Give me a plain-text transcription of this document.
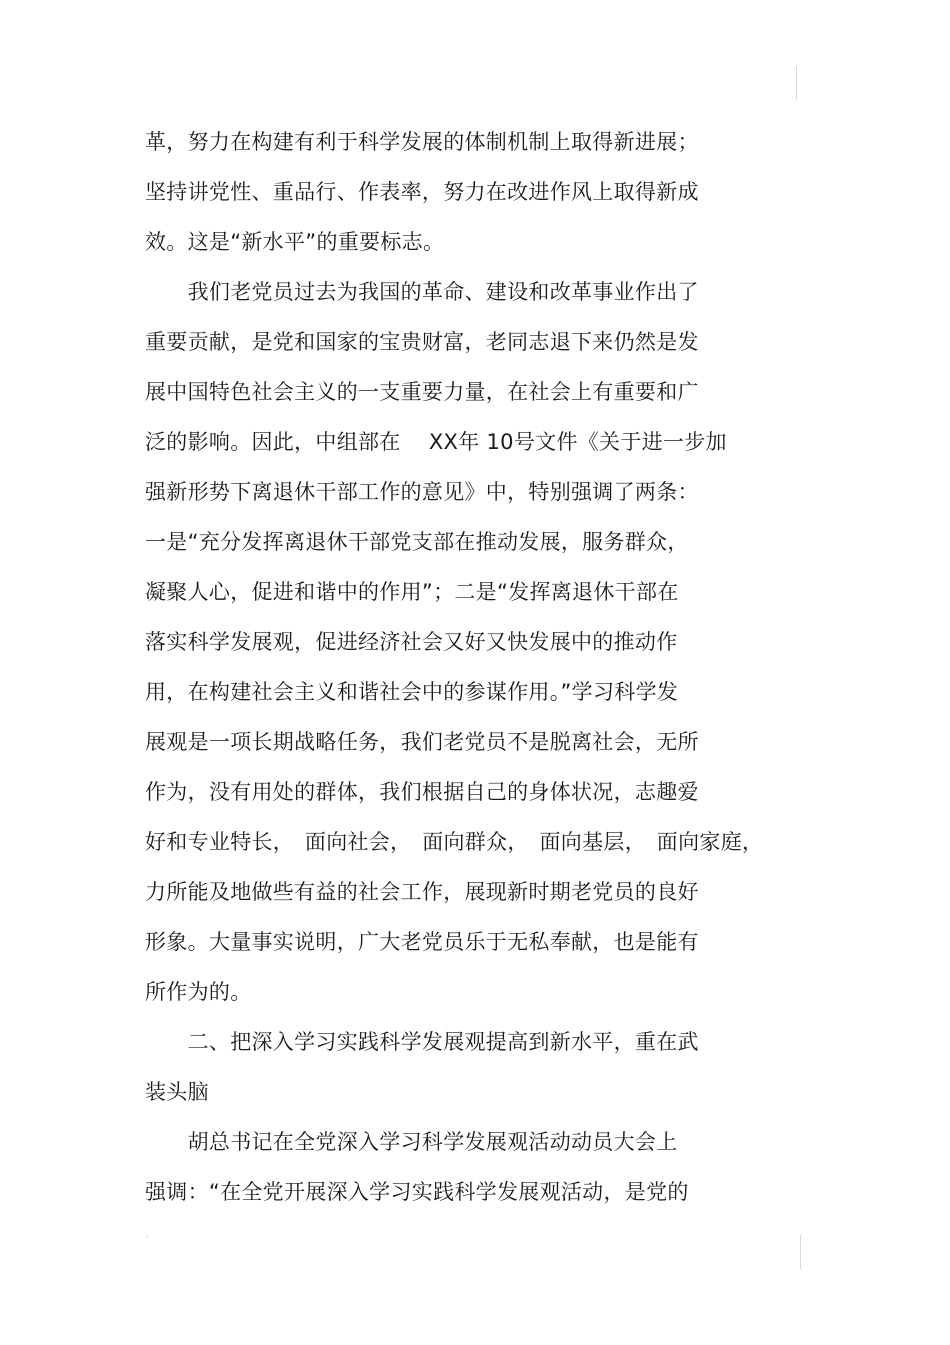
革，努力在构建有利于科学发展的体制机制上取得新进展；
坚持讲党性、重品行、作表率，努力在改进作风上取得新成
效。这是“新水平”的重要标志。
　　我们老党员过去为我国的革命、建设和改革事业作出了
重要贡献，是党和国家的宝贵财富，老同志退下来仍然是发
展中国特色社会主义的一支重要力量，在社会上有重要和广
泛的影响。因此，中组部在　 XX年 10号文件《关于进一步加
强新形势下离退休干部工作的意见》中，特别强调了两条：
一是“充分发挥离退休干部党支部在推动发展，服务群众，
凝聚人心，促进和谐中的作用”；二是“发挥离退休干部在
落实科学发展观，促进经济社会又好又快发展中的推动作
用，在构建社会主义和谐社会中的参谋作用。”学习科学发
展观是一项长期战略任务，我们老党员不是脱离社会，无所
作为，没有用处的群体，我们根据自己的身体状况，志趣爱
好和专业特长，　面向社会，　面向群众，　面向基层，　面向家庭，
力所能及地做些有益的社会工作，展现新时期老党员的良好
形象。大量事实说明，广大老党员乐于无私奉献，也是能有
所作为的。
　　二、把深入学习实践科学发展观提高到新水平，重在武
装头脑
　　胡总书记在全党深入学习科学发展观活动动员大会上
强调：“在全党开展深入学习实践科学发展观活动，是党的
